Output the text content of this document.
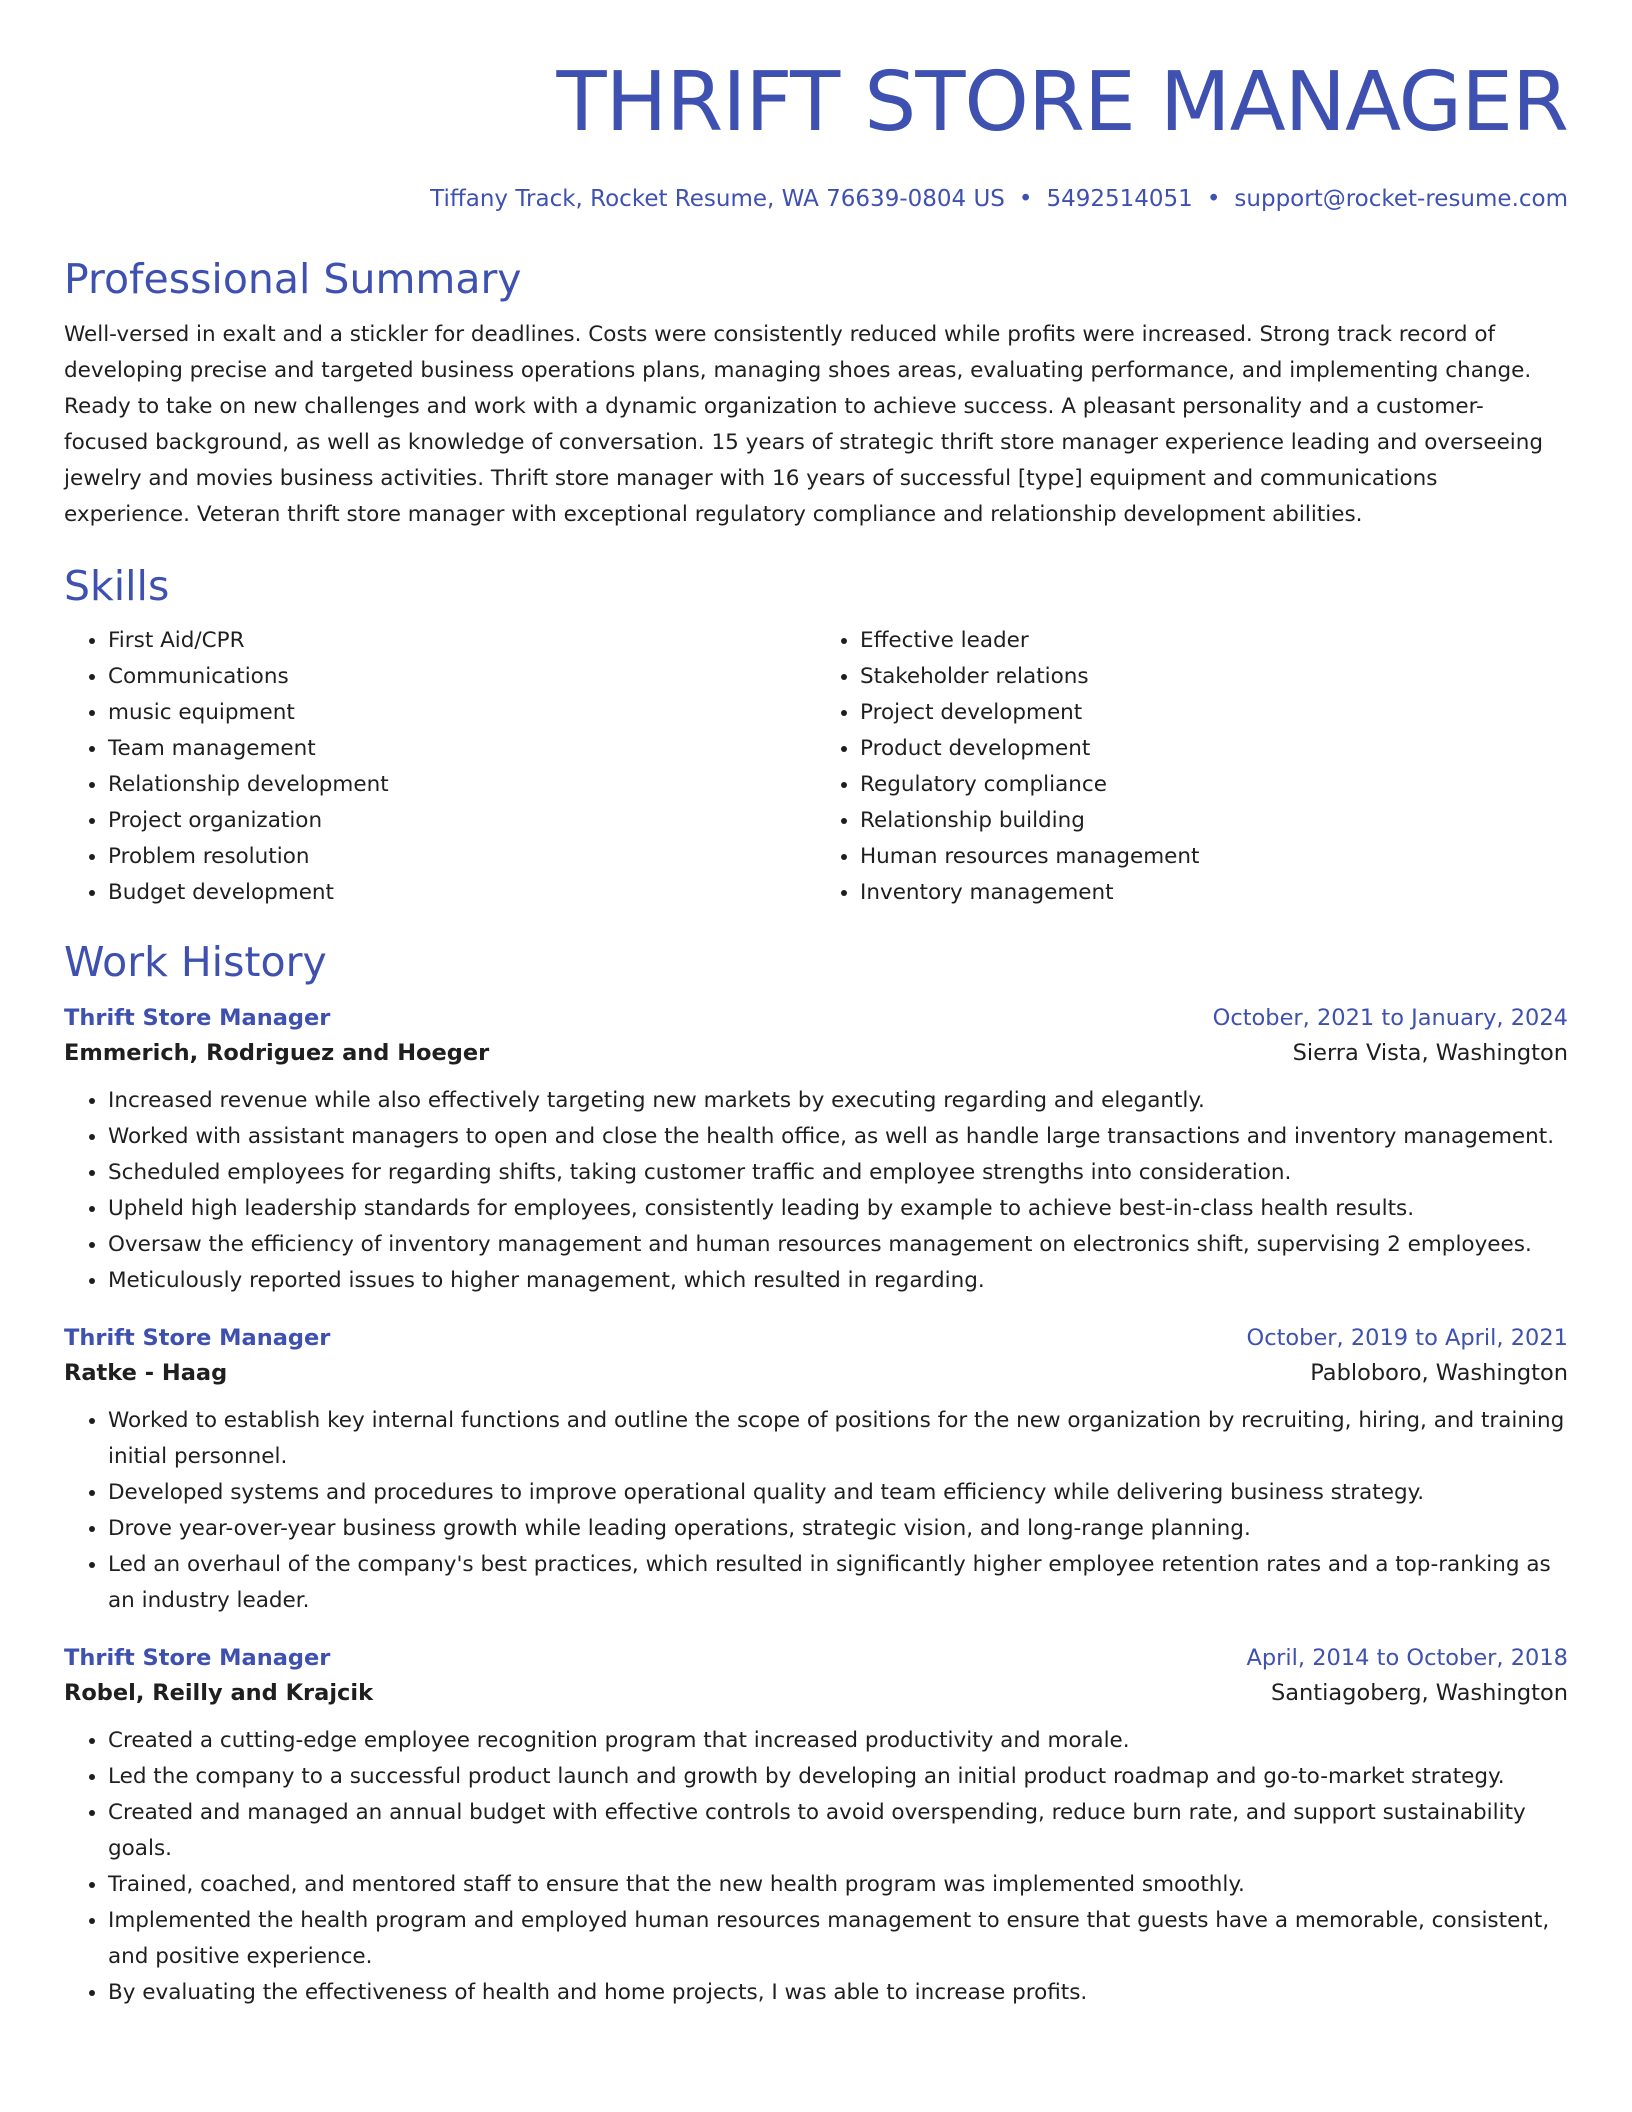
THRIFT STORE MANAGER
Tiffany Track, Rocket Resume, WA 76639-0804 US • 5492514051 • support@rocket-resume.com
Professional Summary
Well-versed in exalt and a stickler for deadlines. Costs were consistently reduced while profits were increased. Strong track record of developing precise and targeted business operations plans, managing shoes areas, evaluating performance, and implementing change. Ready to take on new challenges and work with a dynamic organization to achieve success. A pleasant personality and a customer-focused background, as well as knowledge of conversation. 15 years of strategic thrift store manager experience leading and overseeing jewelry and movies business activities. Thrift store manager with 16 years of successful [type] equipment and communications experience. Veteran thrift store manager with exceptional regulatory compliance and relationship development abilities.
Skills
• First Aid/CPR
• Communications
• music equipment
• Team management
• Relationship development
• Project organization
• Problem resolution
• Budget development
• Effective leader
• Stakeholder relations
• Project development
• Product development
• Regulatory compliance
• Relationship building
• Human resources management
• Inventory management
Work History
Thrift Store Manager	October, 2021 to January, 2024
Emmerich, Rodriguez and Hoeger	Sierra Vista, Washington
• Increased revenue while also effectively targeting new markets by executing regarding and elegantly.
• Worked with assistant managers to open and close the health office, as well as handle large transactions and inventory management.
• Scheduled employees for regarding shifts, taking customer traffic and employee strengths into consideration.
• Upheld high leadership standards for employees, consistently leading by example to achieve best-in-class health results.
• Oversaw the efficiency of inventory management and human resources management on electronics shift, supervising 2 employees.
• Meticulously reported issues to higher management, which resulted in regarding.
Thrift Store Manager	October, 2019 to April, 2021
Ratke - Haag	Pabloboro, Washington
• Worked to establish key internal functions and outline the scope of positions for the new organization by recruiting, hiring, and training initial personnel.
• Developed systems and procedures to improve operational quality and team efficiency while delivering business strategy.
• Drove year-over-year business growth while leading operations, strategic vision, and long-range planning.
• Led an overhaul of the company's best practices, which resulted in significantly higher employee retention rates and a top-ranking as an industry leader.
Thrift Store Manager	April, 2014 to October, 2018
Robel, Reilly and Krajcik	Santiagoberg, Washington
• Created a cutting-edge employee recognition program that increased productivity and morale.
• Led the company to a successful product launch and growth by developing an initial product roadmap and go-to-market strategy.
• Created and managed an annual budget with effective controls to avoid overspending, reduce burn rate, and support sustainability goals.
• Trained, coached, and mentored staff to ensure that the new health program was implemented smoothly.
• Implemented the health program and employed human resources management to ensure that guests have a memorable, consistent, and positive experience.
• By evaluating the effectiveness of health and home projects, I was able to increase profits.
